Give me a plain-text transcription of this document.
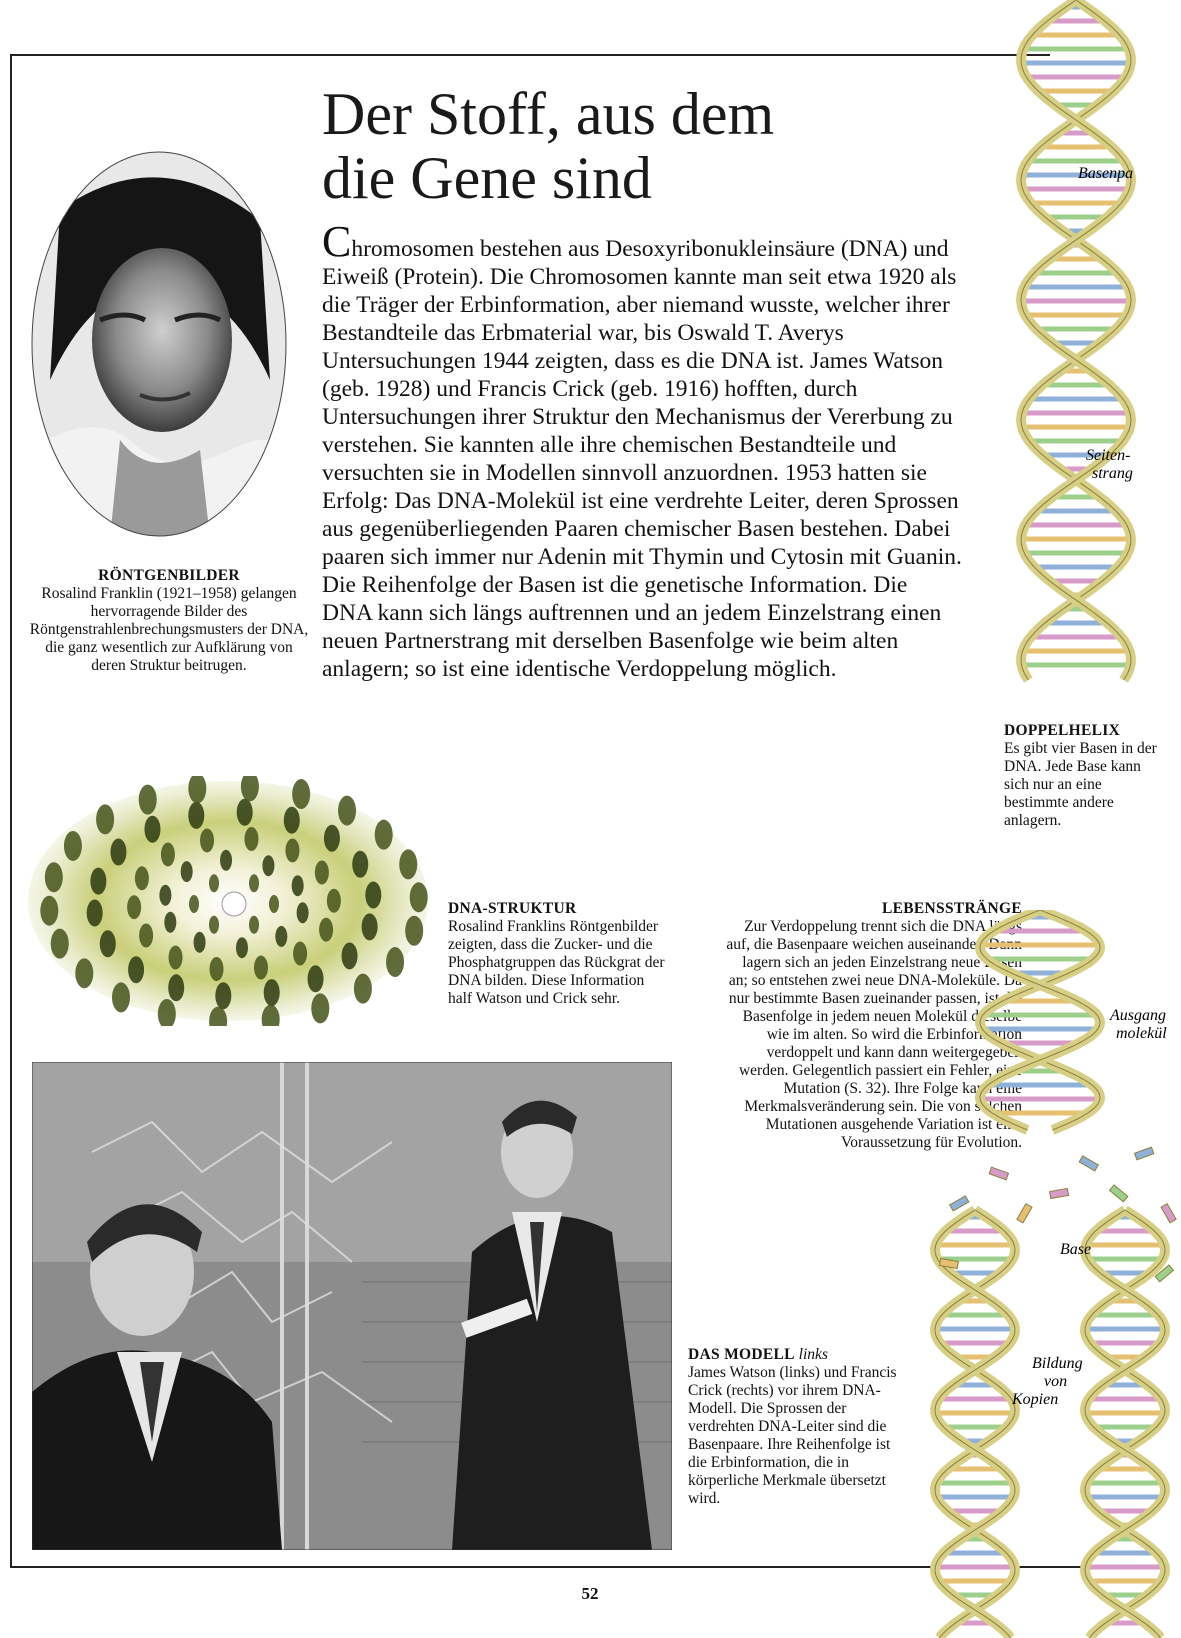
Der Stoff, aus dem
die Gene sind

Chromosomen bestehen aus Desoxyribonukleinsäure (DNA) und Eiweiß (Protein). Die Chromosomen kannte man seit etwa 1920 als die Träger der Erbinformation, aber niemand wusste, welcher ihrer Bestandteile das Erbmaterial war, bis Oswald T. Averys Untersuchungen 1944 zeigten, dass es die DNA ist. James Watson (geb. 1928) und Francis Crick (geb. 1916) hofften, durch Untersuchungen ihrer Struktur den Mechanismus der Vererbung zu verstehen. Sie kannten alle ihre chemischen Bestandteile und versuchten sie in Modellen sinnvoll anzuordnen. 1953 hatten sie Erfolg: Das DNA-Molekül ist eine verdrehte Leiter, deren Sprossen aus gegenüberliegenden Paaren chemischer Basen bestehen. Dabei paaren sich immer nur Adenin mit Thymin und Cytosin mit Guanin. Die Reihenfolge der Basen ist die genetische Information. Die DNA kann sich längs auftrennen und an jedem Einzelstrang einen neuen Partnerstrang mit derselben Basenfolge wie beim alten anlagern; so ist eine identische Verdoppelung möglich.

RÖNTGENBILDER
Rosalind Franklin (1921–1958) gelangen hervorragende Bilder des Röntgenstrahlenbrechungsmusters der DNA, die ganz wesentlich zur Aufklärung von deren Struktur beitrugen.
Basenpa
Seiten-
strang
DOPPELHELIX
Es gibt vier Basen in der DNA. Jede Base kann sich nur an eine bestimmte andere anlagern.
DNA-STRUKTUR
Rosalind Franklins Röntgenbilder zeigten, dass die Zucker- und die Phosphatgruppen das Rückgrat der DNA bilden. Diese Information half Watson und Crick sehr.
LEBENSSTRÄNGE
Zur Verdoppelung trennt sich die DNA längs auf, die Basenpaare weichen auseinander. Dann lagern sich an jeden Einzelstrang neue Basen an; so entstehen zwei neue DNA-Moleküle. Da nur bestimmte Basen zueinander passen, ist die Basenfolge in jedem neuen Molekül dieselbe wie im alten. So wird die Erbinformation verdoppelt und kann dann weitergegeben werden. Gelegentlich passiert ein Fehler, eine Mutation (S. 32). Ihre Folge kann eine Merkmalsveränderung sein. Die von solchen Mutationen ausgehende Variation ist eine Voraussetzung für Evolution.
DAS MODELL links
James Watson (links) und Francis Crick (rechts) vor ihrem DNA-Modell. Die Sprossen der verdrehten DNA-Leiter sind die Basenpaare. Ihre Reihenfolge ist die Erbinformation, die in körperliche Merkmale übersetzt wird.
Ausgang
molekül
Base
Bildung
von
Kopien
52
